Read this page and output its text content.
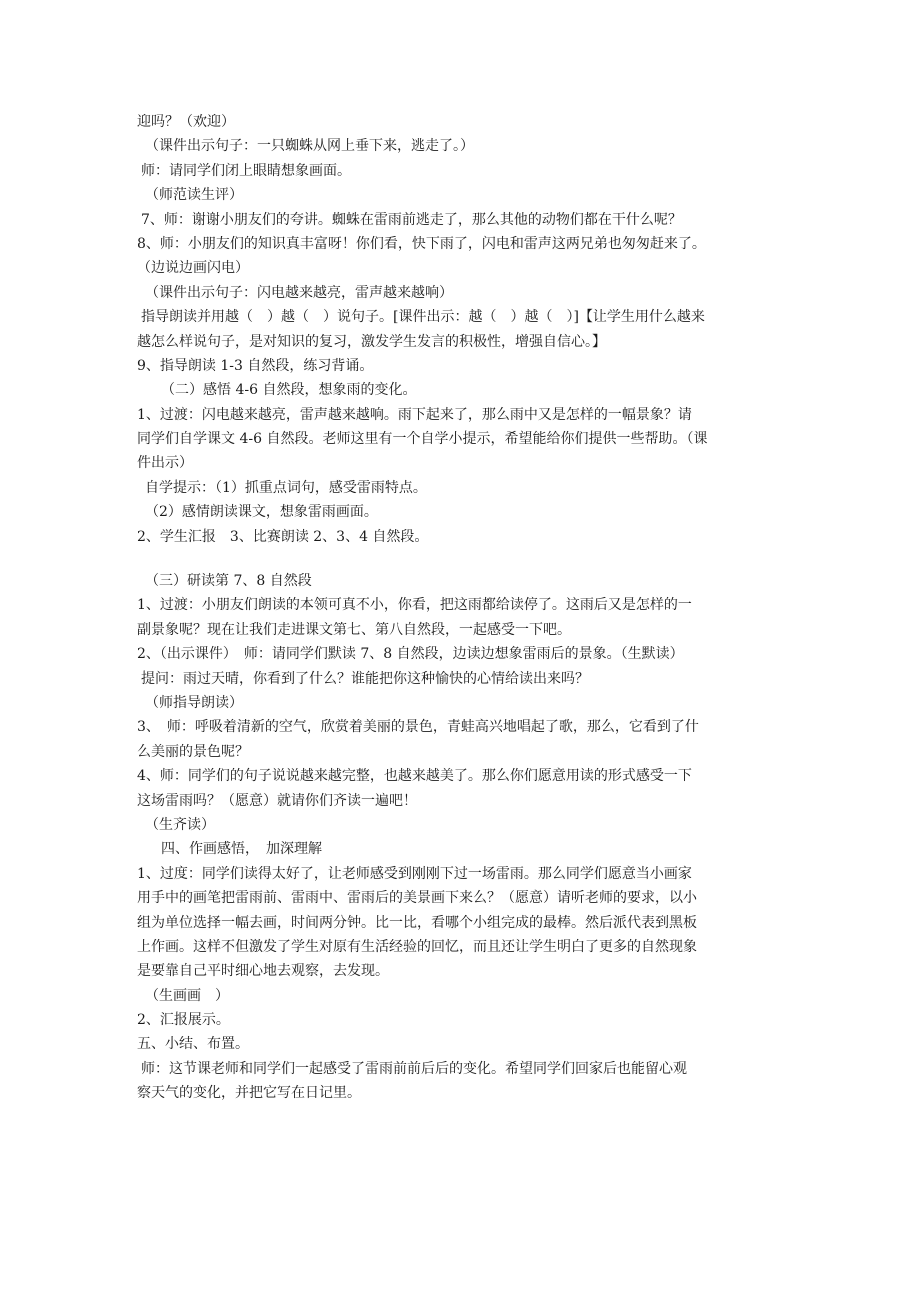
迎吗？（欢迎）
（课件出示句子：一只蜘蛛从网上垂下来，逃走了。）
师：请同学们闭上眼睛想象画面。
（师范读生评）
7、师：谢谢小朋友们的夸讲。蜘蛛在雷雨前逃走了，那么其他的动物们都在干什么呢？
8、师：小朋友们的知识真丰富呀！你们看，快下雨了，闪电和雷声这两兄弟也匆匆赶来了。
（边说边画闪电）
（课件出示句子：闪电越来越亮，雷声越来越响）
指导朗读并用越（　）越（　）说句子。[课件出示：越（　）越（　）]【让学生用什么越来
越怎么样说句子，是对知识的复习，激发学生发言的积极性，增强自信心。】
9、指导朗读 1-3 自然段，练习背诵。
（二）感悟 4-6 自然段，想象雨的变化。
1、过渡：闪电越来越亮，雷声越来越响。雨下起来了，那么雨中又是怎样的一幅景象？请
同学们自学课文 4-6 自然段。老师这里有一个自学小提示，希望能给你们提供一些帮助。（课
件出示）
自学提示：（1）抓重点词句，感受雷雨特点。
（2）感情朗读课文，想象雷雨画面。
2、学生汇报　3、比赛朗读 2、3、4 自然段。
（三）研读第 7、8 自然段
1、过渡：小朋友们朗读的本领可真不小，你看，把这雨都给读停了。这雨后又是怎样的一
副景象呢？现在让我们走进课文第七、第八自然段，一起感受一下吧。
2、（出示课件）　师：请同学们默读 7、8 自然段，边读边想象雷雨后的景象。（生默读）
提问：雨过天晴，你看到了什么？谁能把你这种愉快的心情给读出来吗？
（师指导朗读）
3、　师：呼吸着清新的空气，欣赏着美丽的景色，青蛙高兴地唱起了歌，那么，它看到了什
么美丽的景色呢？
4、师：同学们的句子说说越来越完整，也越来越美了。那么你们愿意用读的形式感受一下
这场雷雨吗？（愿意）就请你们齐读一遍吧！
（生齐读）
四、作画感悟，　加深理解
1、过度：同学们读得太好了，让老师感受到刚刚下过一场雷雨。那么同学们愿意当小画家
用手中的画笔把雷雨前、雷雨中、雷雨后的美景画下来么？（愿意）请听老师的要求，以小
组为单位选择一幅去画，时间两分钟。比一比，看哪个小组完成的最棒。然后派代表到黑板
上作画。这样不但激发了学生对原有生活经验的回忆，而且还让学生明白了更多的自然现象
是要靠自己平时细心地去观察，去发现。
（生画画　）
2、汇报展示。
五、小结、布置。
师：这节课老师和同学们一起感受了雷雨前前后后的变化。希望同学们回家后也能留心观
察天气的变化，并把它写在日记里。
